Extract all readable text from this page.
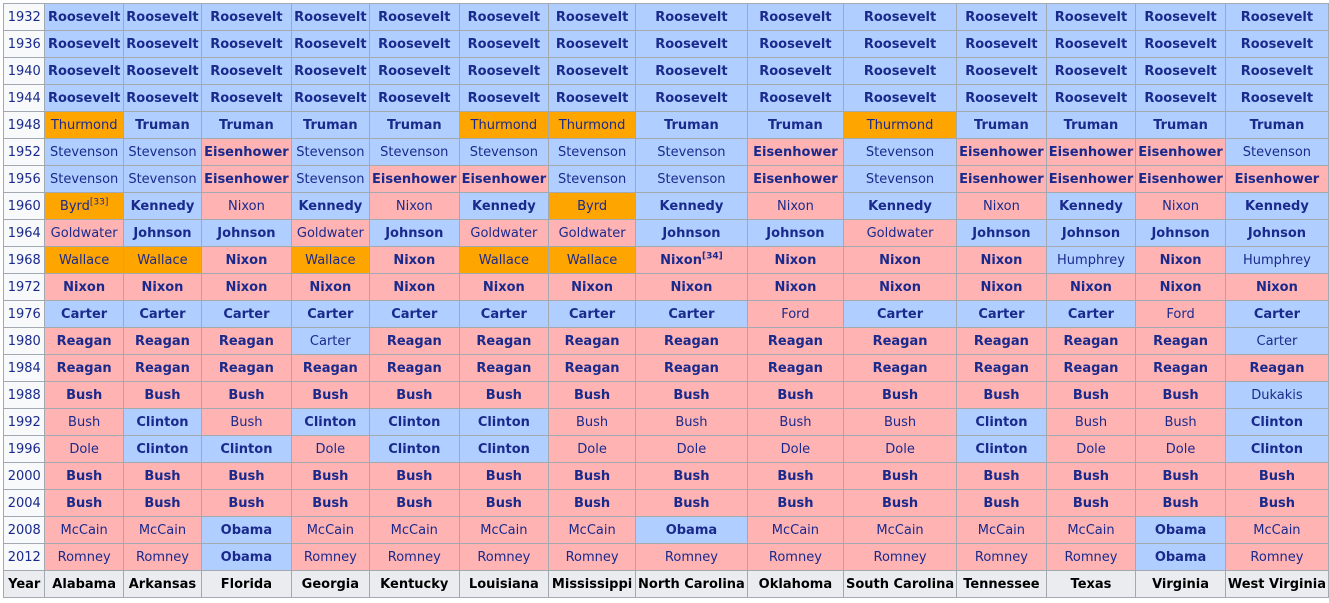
1932	Roosevelt	Roosevelt	Roosevelt	Roosevelt	Roosevelt	Roosevelt	Roosevelt	Roosevelt	Roosevelt	Roosevelt	Roosevelt	Roosevelt	Roosevelt	Roosevelt
1936	Roosevelt	Roosevelt	Roosevelt	Roosevelt	Roosevelt	Roosevelt	Roosevelt	Roosevelt	Roosevelt	Roosevelt	Roosevelt	Roosevelt	Roosevelt	Roosevelt
1940	Roosevelt	Roosevelt	Roosevelt	Roosevelt	Roosevelt	Roosevelt	Roosevelt	Roosevelt	Roosevelt	Roosevelt	Roosevelt	Roosevelt	Roosevelt	Roosevelt
1944	Roosevelt	Roosevelt	Roosevelt	Roosevelt	Roosevelt	Roosevelt	Roosevelt	Roosevelt	Roosevelt	Roosevelt	Roosevelt	Roosevelt	Roosevelt	Roosevelt
1948	Thurmond	Truman	Truman	Truman	Truman	Thurmond	Thurmond	Truman	Truman	Thurmond	Truman	Truman	Truman	Truman
1952	Stevenson	Stevenson	Eisenhower	Stevenson	Stevenson	Stevenson	Stevenson	Stevenson	Eisenhower	Stevenson	Eisenhower	Eisenhower	Eisenhower	Stevenson
1956	Stevenson	Stevenson	Eisenhower	Stevenson	Eisenhower	Eisenhower	Stevenson	Stevenson	Eisenhower	Stevenson	Eisenhower	Eisenhower	Eisenhower	Eisenhower
1960	Byrd[33]	Kennedy	Nixon	Kennedy	Nixon	Kennedy	Byrd	Kennedy	Nixon	Kennedy	Nixon	Kennedy	Nixon	Kennedy
1964	Goldwater	Johnson	Johnson	Goldwater	Johnson	Goldwater	Goldwater	Johnson	Johnson	Goldwater	Johnson	Johnson	Johnson	Johnson
1968	Wallace	Wallace	Nixon	Wallace	Nixon	Wallace	Wallace	Nixon[34]	Nixon	Nixon	Nixon	Humphrey	Nixon	Humphrey
1972	Nixon	Nixon	Nixon	Nixon	Nixon	Nixon	Nixon	Nixon	Nixon	Nixon	Nixon	Nixon	Nixon	Nixon
1976	Carter	Carter	Carter	Carter	Carter	Carter	Carter	Carter	Ford	Carter	Carter	Carter	Ford	Carter
1980	Reagan	Reagan	Reagan	Carter	Reagan	Reagan	Reagan	Reagan	Reagan	Reagan	Reagan	Reagan	Reagan	Carter
1984	Reagan	Reagan	Reagan	Reagan	Reagan	Reagan	Reagan	Reagan	Reagan	Reagan	Reagan	Reagan	Reagan	Reagan
1988	Bush	Bush	Bush	Bush	Bush	Bush	Bush	Bush	Bush	Bush	Bush	Bush	Bush	Dukakis
1992	Bush	Clinton	Bush	Clinton	Clinton	Clinton	Bush	Bush	Bush	Bush	Clinton	Bush	Bush	Clinton
1996	Dole	Clinton	Clinton	Dole	Clinton	Clinton	Dole	Dole	Dole	Dole	Clinton	Dole	Dole	Clinton
2000	Bush	Bush	Bush	Bush	Bush	Bush	Bush	Bush	Bush	Bush	Bush	Bush	Bush	Bush
2004	Bush	Bush	Bush	Bush	Bush	Bush	Bush	Bush	Bush	Bush	Bush	Bush	Bush	Bush
2008	McCain	McCain	Obama	McCain	McCain	McCain	McCain	Obama	McCain	McCain	McCain	McCain	Obama	McCain
2012	Romney	Romney	Obama	Romney	Romney	Romney	Romney	Romney	Romney	Romney	Romney	Romney	Obama	Romney
Year	Alabama	Arkansas	Florida	Georgia	Kentucky	Louisiana	Mississippi	North Carolina	Oklahoma	South Carolina	Tennessee	Texas	Virginia	West Virginia
